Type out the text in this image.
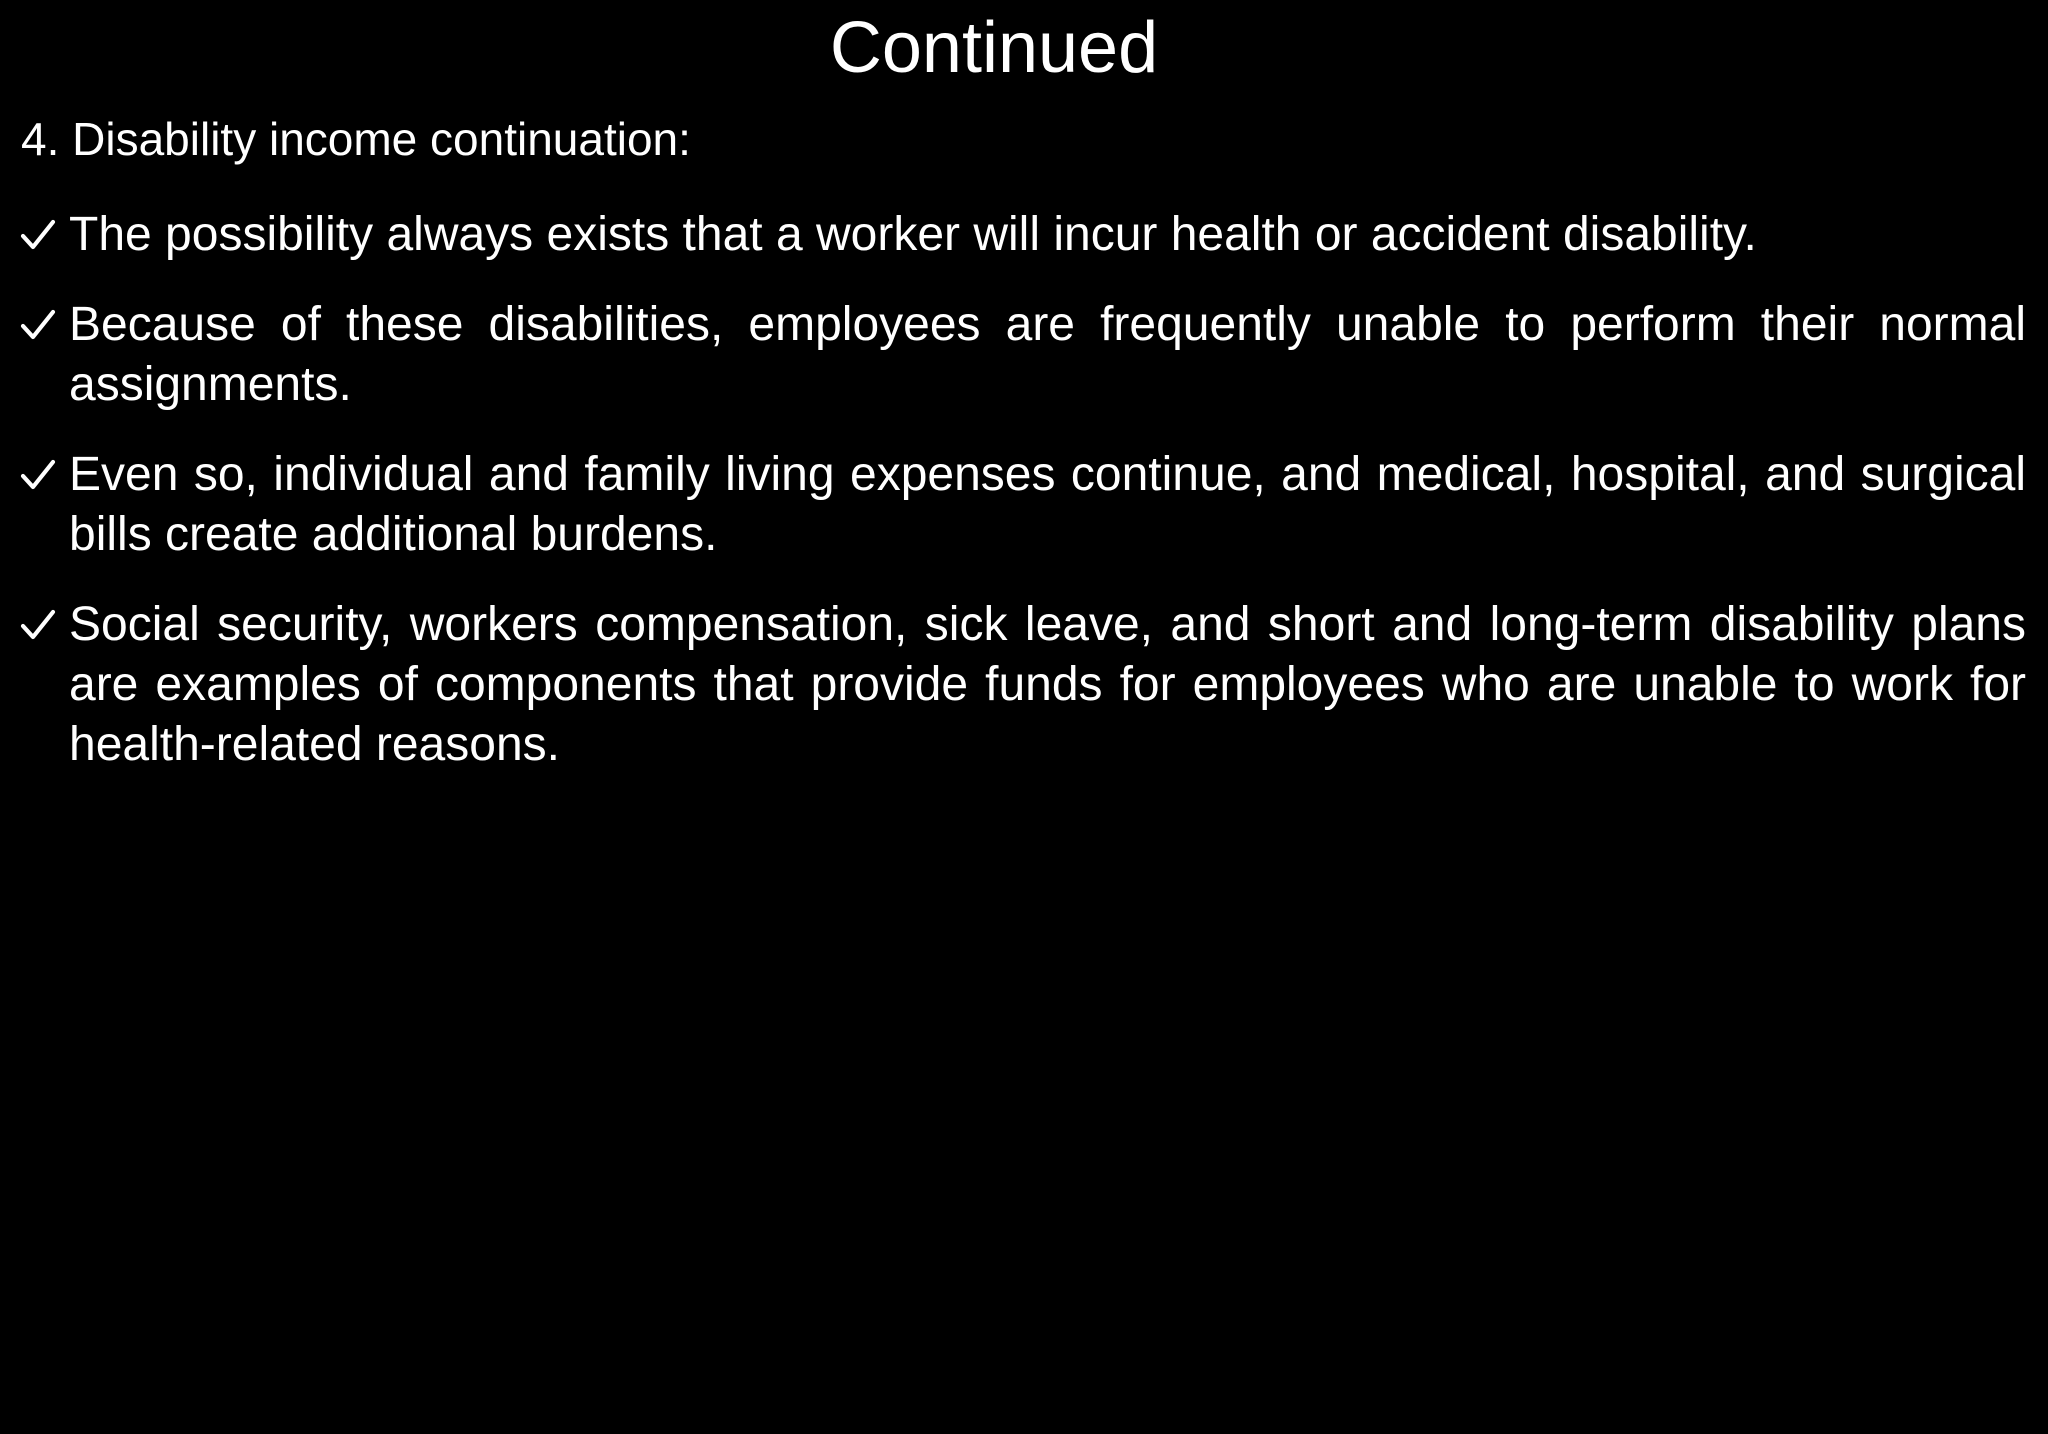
Continued

4. Disability income continuation:

The possibility always exists that a worker will incur health or accident disability.
Because of these disabilities, employees are frequently unable to perform their normal assignments.
Even so, individual and family living expenses continue, and medical, hospital, and surgical bills create additional burdens.
Social security, workers compensation, sick leave, and short and long-term disability plans are examples of components that provide funds for employees who are unable to work for health-related reasons.
